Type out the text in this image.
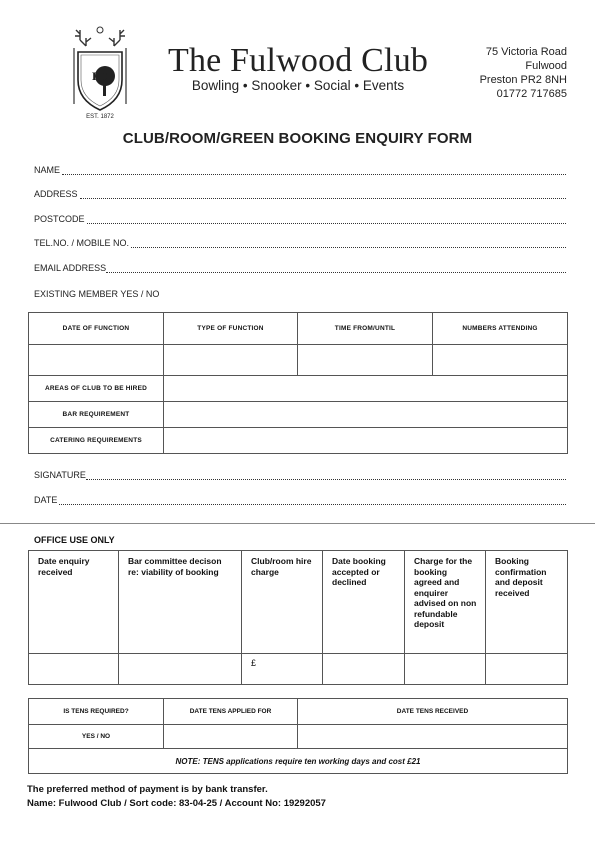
FC
EST. 1872
The Fulwood Club
Bowling • Snooker • Social • Events
75 Victoria Road
Fulwood
Preston PR2 8NH
01772 717685
CLUB/ROOM/GREEN BOOKING ENQUIRY FORM
NAME
ADDRESS
POSTCODE
TEL.NO. / MOBILE NO.
EMAIL ADDRESS
EXISTING MEMBER YES / NO
DATE OF FUNCTION	TYPE OF FUNCTION	TIME FROM/UNTIL	NUMBERS ATTENDING

AREAS OF CLUB TO BE HIRED			
BAR REQUIREMENT			
CATERING REQUIREMENTS			
SIGNATURE
DATE
OFFICE USE ONLY
Date enquiry received	Bar committee decison re: viability of booking	Club/room hire charge	Date booking accepted or declined	Charge for the booking agreed and enquirer advised on non refundable deposit	Booking confirmation and deposit received
		£			
IS TENS REQUIRED?	DATE TENS APPLIED FOR	DATE TENS RECEIVED
YES / NO		
NOTE: TENS applications require ten working days and cost £21		
The preferred method of payment is by bank transfer.
Name: Fulwood Club / Sort code: 83-04-25 / Account No: 19292057
